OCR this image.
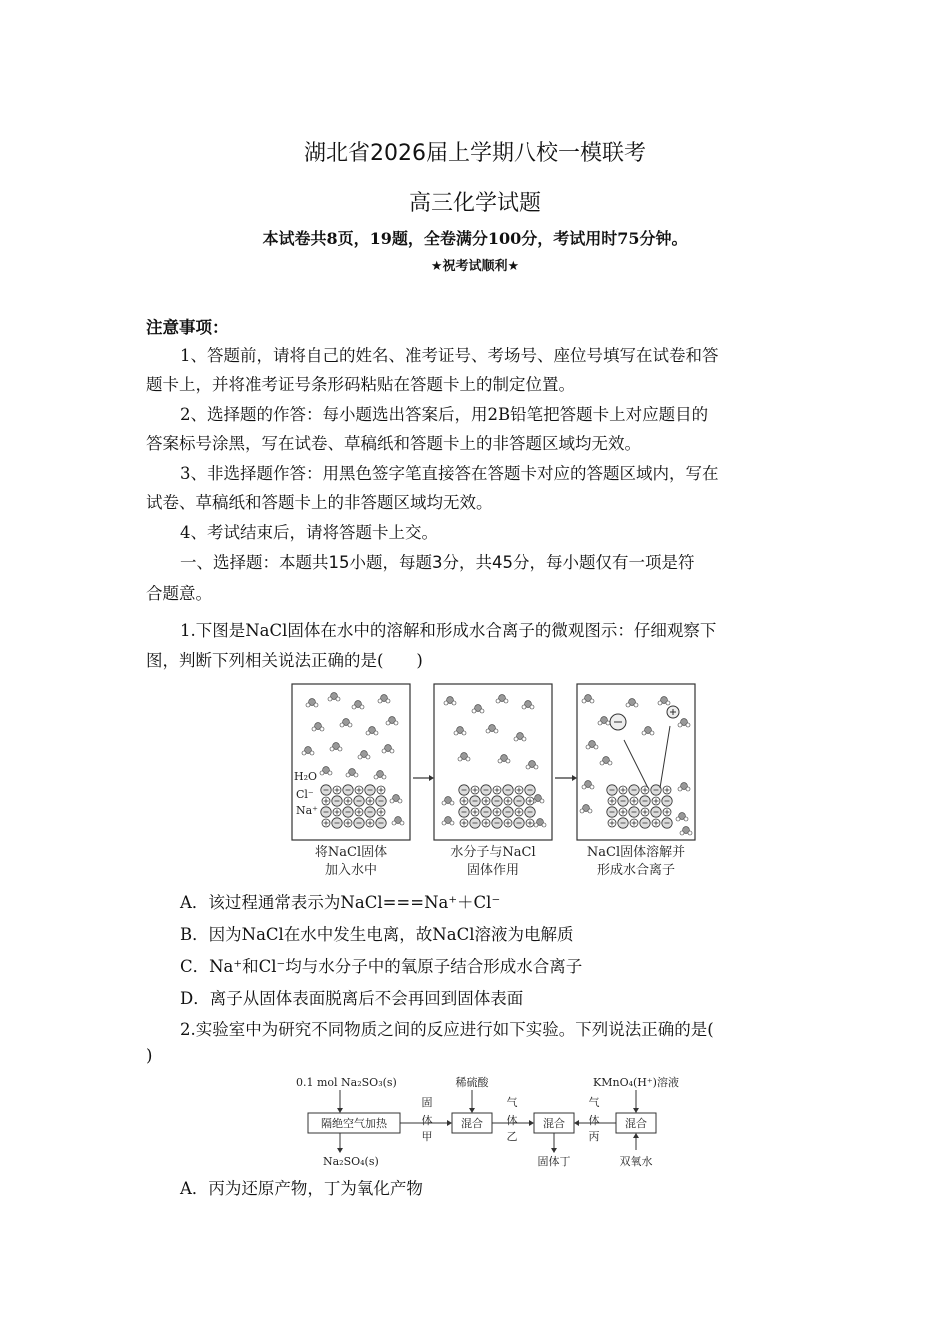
湖北省2026届上学期八校一模联考
高三化学试题
本试卷共8页，19题，全卷满分100分，考试用时75分钟。
★祝考试顺利★
注意事项：
1、答题前，请将自己的姓名、准考证号、考场号、座位号填写在试卷和答
题卡上，并将准考证号条形码粘贴在答题卡上的制定位置。
2、选择题的作答：每小题选出答案后，用2B铅笔把答题卡上对应题目的
答案标号涂黑，写在试卷、草稿纸和答题卡上的非答题区域均无效。
3、非选择题作答：用黑色签字笔直接答在答题卡对应的答题区域内，写在
试卷、草稿纸和答题卡上的非答题区域均无效。
4、考试结束后，请将答题卡上交。
一、选择题：本题共15小题，每题3分，共45分，每小题仅有一项是符
合题意。
1.下图是NaCl固体在水中的溶解和形成水合离子的微观图示：仔细观察下
图，判断下列相关说法正确的是(　　)
H₂O
Cl⁻
Na⁺
将NaCl固体
加入水中
水分子与NaCl
固体作用
NaCl固体溶解并
形成水合离子
A．该过程通常表示为NaCl===Na⁺＋Cl⁻
B．因为NaCl在水中发生电离，故NaCl溶液为电解质
C．Na⁺和Cl⁻均与水分子中的氧原子结合形成水合离子
D．离子从固体表面脱离后不会再回到固体表面
2.实验室中为研究不同物质之间的反应进行如下实验。下列说法正确的是(
)
0.1 mol Na₂SO₃(s)
隔绝空气加热
Na₂SO₄(s)
固
体
甲
稀硫酸
混合
气
体
乙
混合
固体丁
气
体
丙
KMnO₄(H⁺)溶液
混合
双氧水
A．丙为还原产物，丁为氧化产物
